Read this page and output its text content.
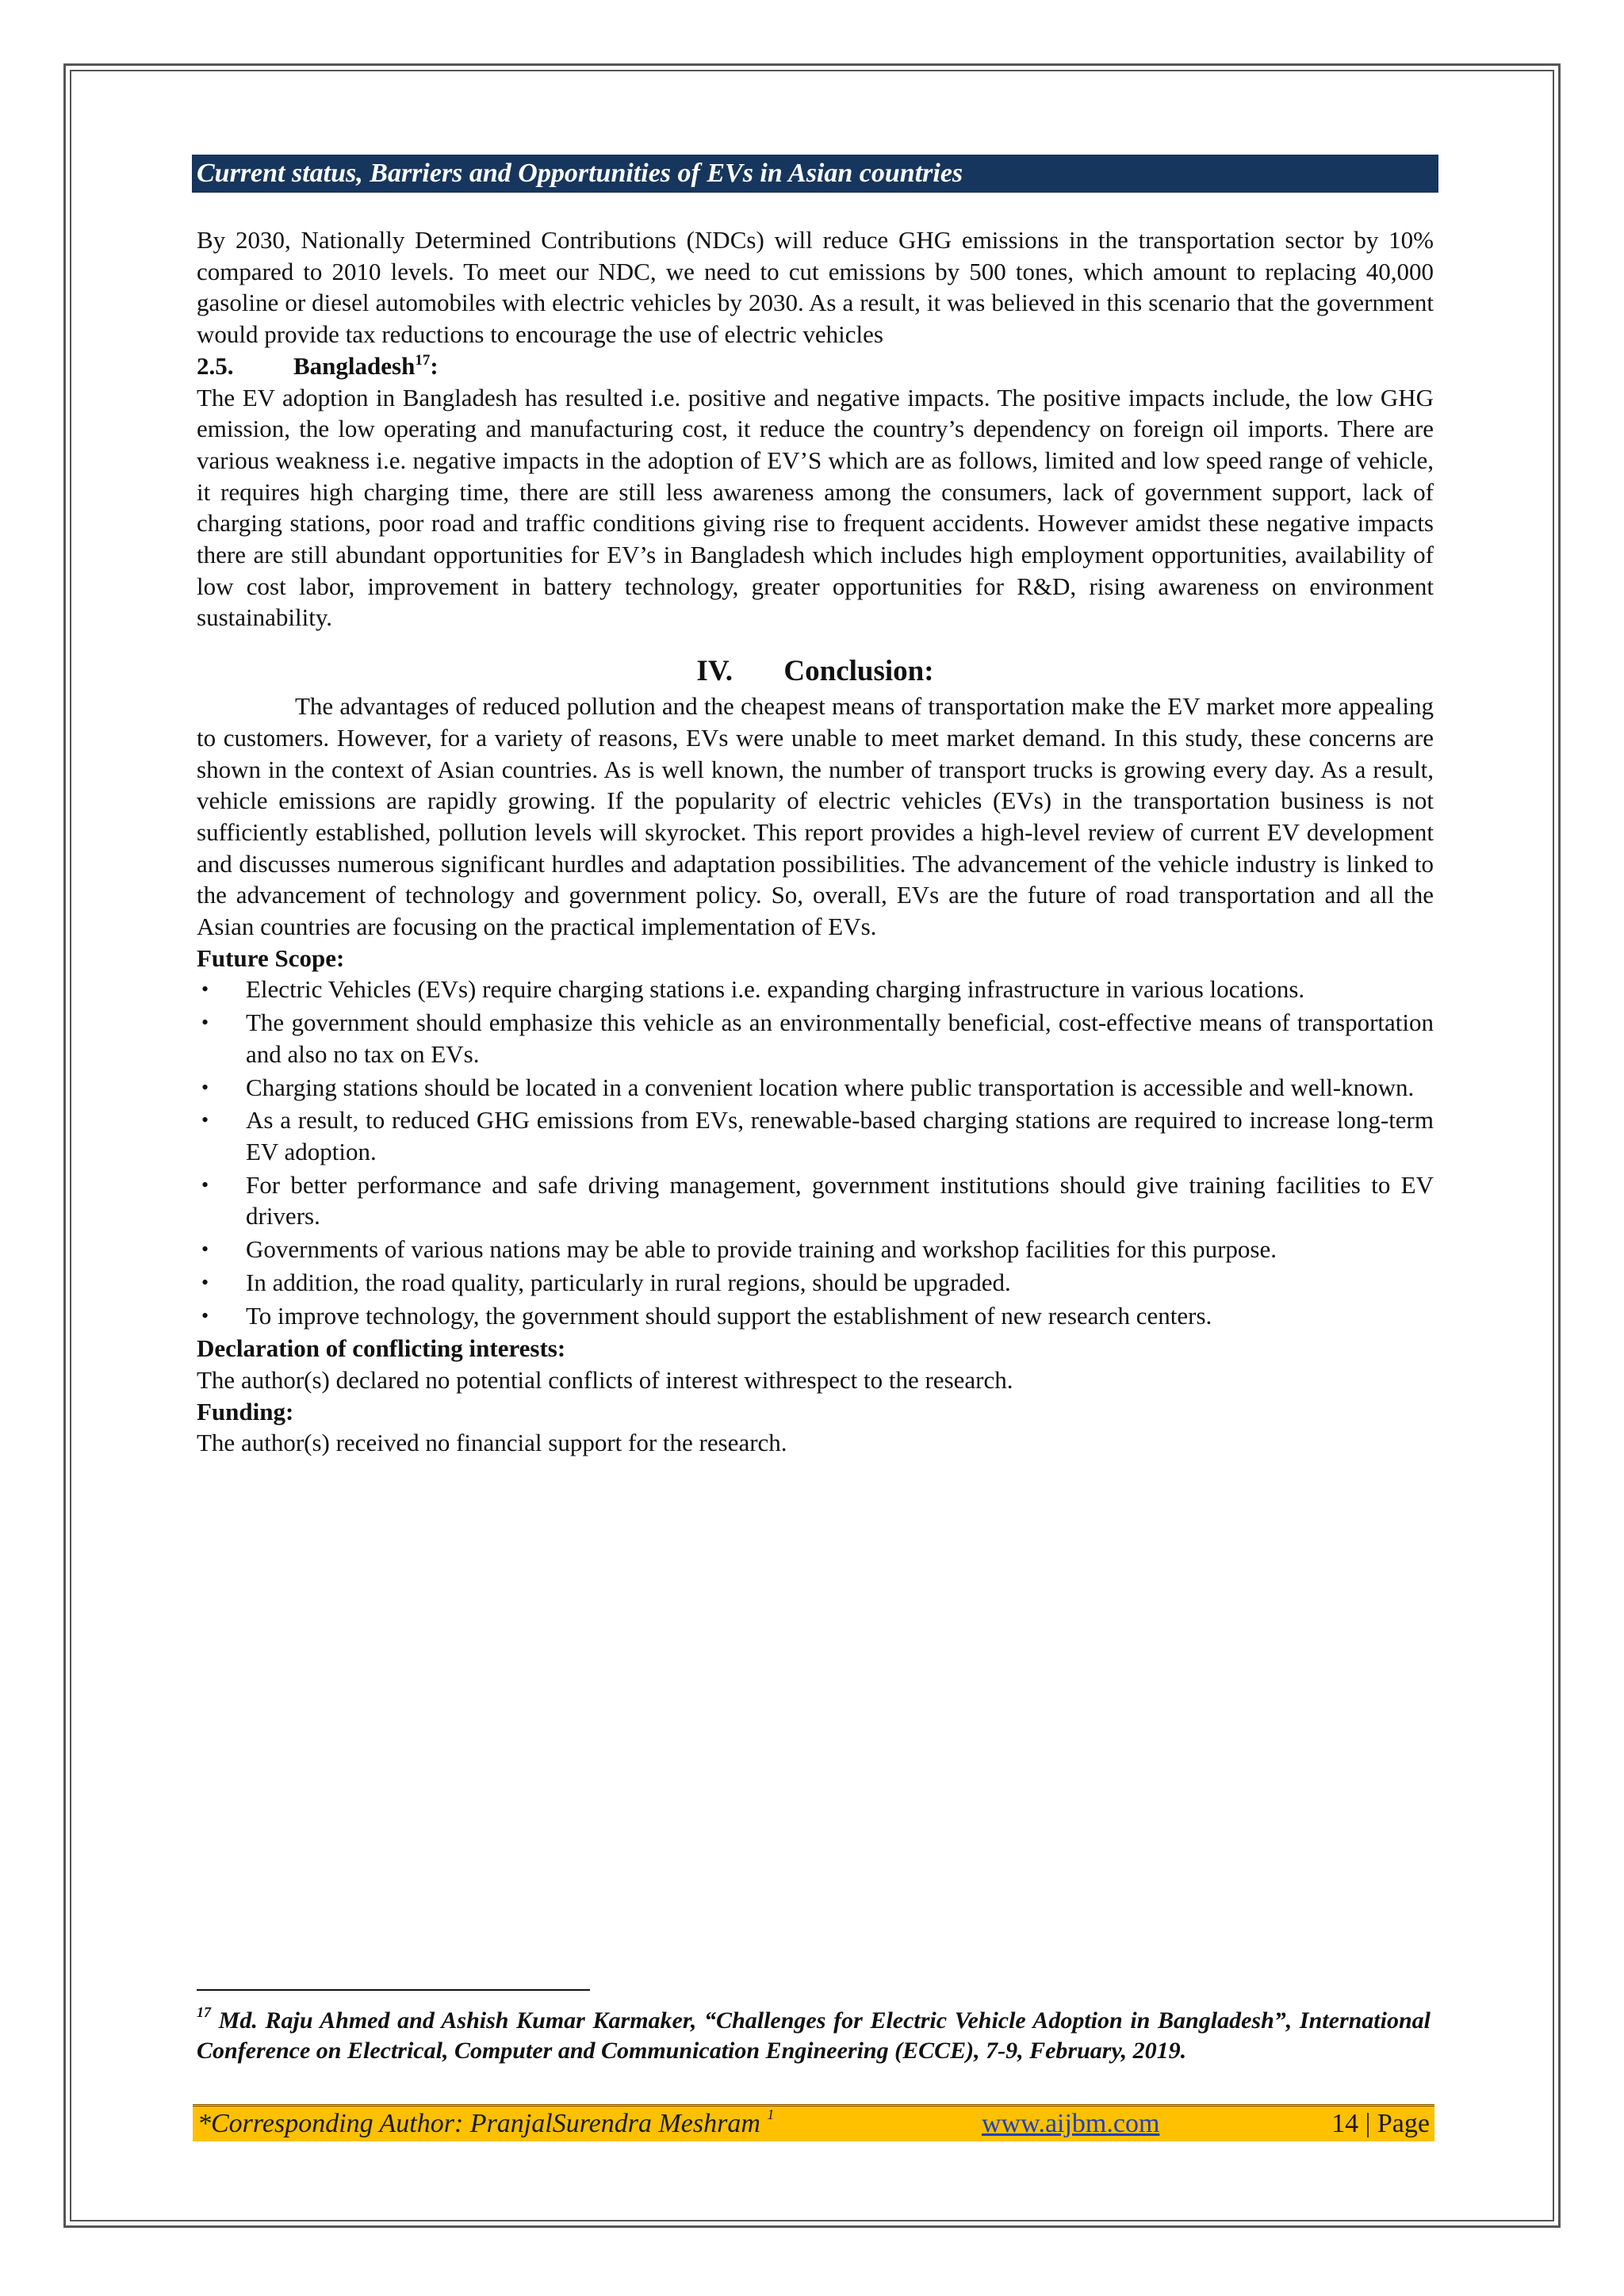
Current status, Barriers and Opportunities of EVs in Asian countries

By 2030, Nationally Determined Contributions (NDCs) will reduce GHG emissions in the transportation sector by 10% compared to 2010 levels. To meet our NDC, we need to cut emissions by 500 tones, which amount to replacing 40,000 gasoline or diesel automobiles with electric vehicles by 2030. As a result, it was believed in this scenario that the government would provide tax reductions to encourage the use of electric vehicles

2.5. Bangladesh$^{17}$:

The EV adoption in Bangladesh has resulted i.e. positive and negative impacts. The positive impacts include, the low GHG emission, the low operating and manufacturing cost, it reduce the country’s dependency on foreign oil imports. There are various weakness i.e. negative impacts in the adoption of EV’S which are as follows, limited and low speed range of vehicle, it requires high charging time, there are still less awareness among the consumers, lack of government support, lack of charging stations, poor road and traffic conditions giving rise to frequent accidents. However amidst these negative impacts there are still abundant opportunities for EV’s in Bangladesh which includes high employment opportunities, availability of low cost labor, improvement in battery technology, greater opportunities for R&D, rising awareness on environment sustainability.

IV. Conclusion:

The advantages of reduced pollution and the cheapest means of transportation make the EV market more appealing to customers. However, for a variety of reasons, EVs were unable to meet market demand. In this study, these concerns are shown in the context of Asian countries. As is well known, the number of transport trucks is growing every day. As a result, vehicle emissions are rapidly growing. If the popularity of electric vehicles (EVs) in the transportation business is not sufficiently established, pollution levels will skyrocket. This report provides a high-level review of current EV development and discusses numerous significant hurdles and adaptation possibilities. The advancement of the vehicle industry is linked to the advancement of technology and government policy. So, overall, EVs are the future of road transportation and all the Asian countries are focusing on the practical implementation of EVs.

Future Scope:
• Electric Vehicles (EVs) require charging stations i.e. expanding charging infrastructure in various locations.
• The government should emphasize this vehicle as an environmentally beneficial, cost-effective means of transportation and also no tax on EVs.
• Charging stations should be located in a convenient location where public transportation is accessible and well-known.
• As a result, to reduced GHG emissions from EVs, renewable-based charging stations are required to increase long-term EV adoption.
• For better performance and safe driving management, government institutions should give training facilities to EV drivers.
• Governments of various nations may be able to provide training and workshop facilities for this purpose.
• In addition, the road quality, particularly in rural regions, should be upgraded.
• To improve technology, the government should support the establishment of new research centers.
Declaration of conflicting interests:

The author(s) declared no potential conflicts of interest withrespect to the research.

Funding:

The author(s) received no financial support for the research.

$^{17}$ Md. Raju Ahmed and Ashish Kumar Karmaker, “Challenges for Electric Vehicle Adoption in Bangladesh”, International Conference on Electrical, Computer and Communication Engineering (ECCE), 7-9, February, 2019.
*Corresponding Author: PranjalSurendra Meshram $^1$	www.aijbm.com	14 | Page
